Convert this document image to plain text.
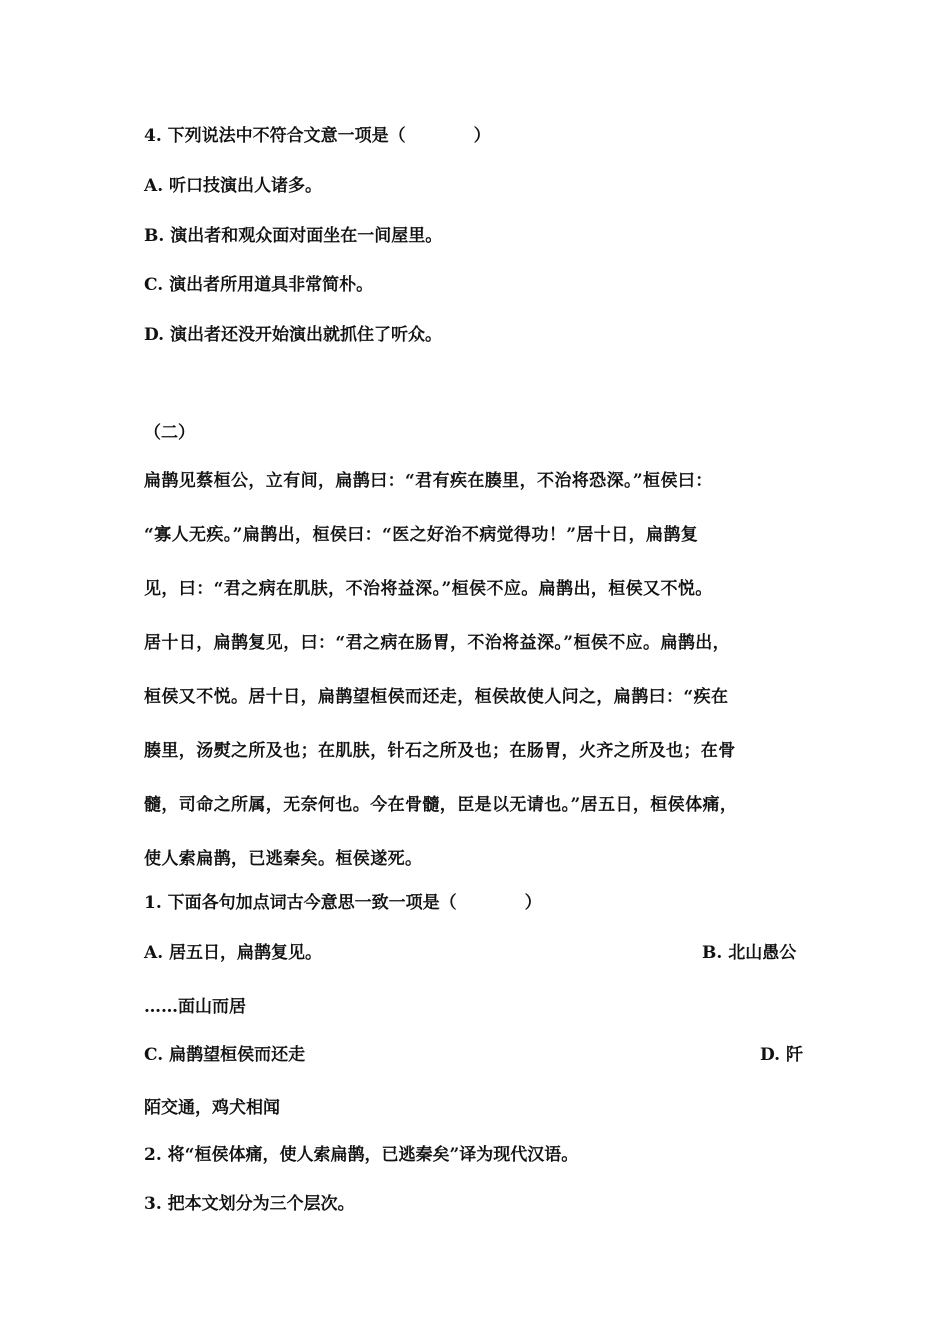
4. 下列说法中不符合文意一项是（　　　　）
A. 听口技演出人诸多。
B. 演出者和观众面对面坐在一间屋里。
C. 演出者所用道具非常简朴。
D. 演出者还没开始演出就抓住了听众。
（二）
扁鹊见蔡桓公，立有间，扁鹊曰：“君有疾在腠里，不治将恐深。”桓侯曰：
“寡人无疾。”扁鹊出，桓侯曰：“医之好治不病觉得功！”居十日，扁鹊复
见，曰：“君之病在肌肤，不治将益深。”桓侯不应。扁鹊出，桓侯又不悦。
居十日，扁鹊复见，曰：“君之病在肠胃，不治将益深。”桓侯不应。扁鹊出，
桓侯又不悦。居十日，扁鹊望桓侯而还走，桓侯故使人问之，扁鹊曰：“疾在
腠里，汤熨之所及也；在肌肤，针石之所及也；在肠胃，火齐之所及也；在骨
髓，司命之所属，无奈何也。今在骨髓，臣是以无请也。”居五日，桓侯体痛，
使人索扁鹊，已逃秦矣。桓侯遂死。
1. 下面各句加点词古今意思一致一项是（　　　　）
A. 居五日，扁鹊复见。	B. 北山愚公
……面山而居
C. 扁鹊望桓侯而还走	D. 阡
陌交通，鸡犬相闻
2. 将“桓侯体痛，使人索扁鹊，已逃秦矣”译为现代汉语。
3. 把本文划分为三个层次。
